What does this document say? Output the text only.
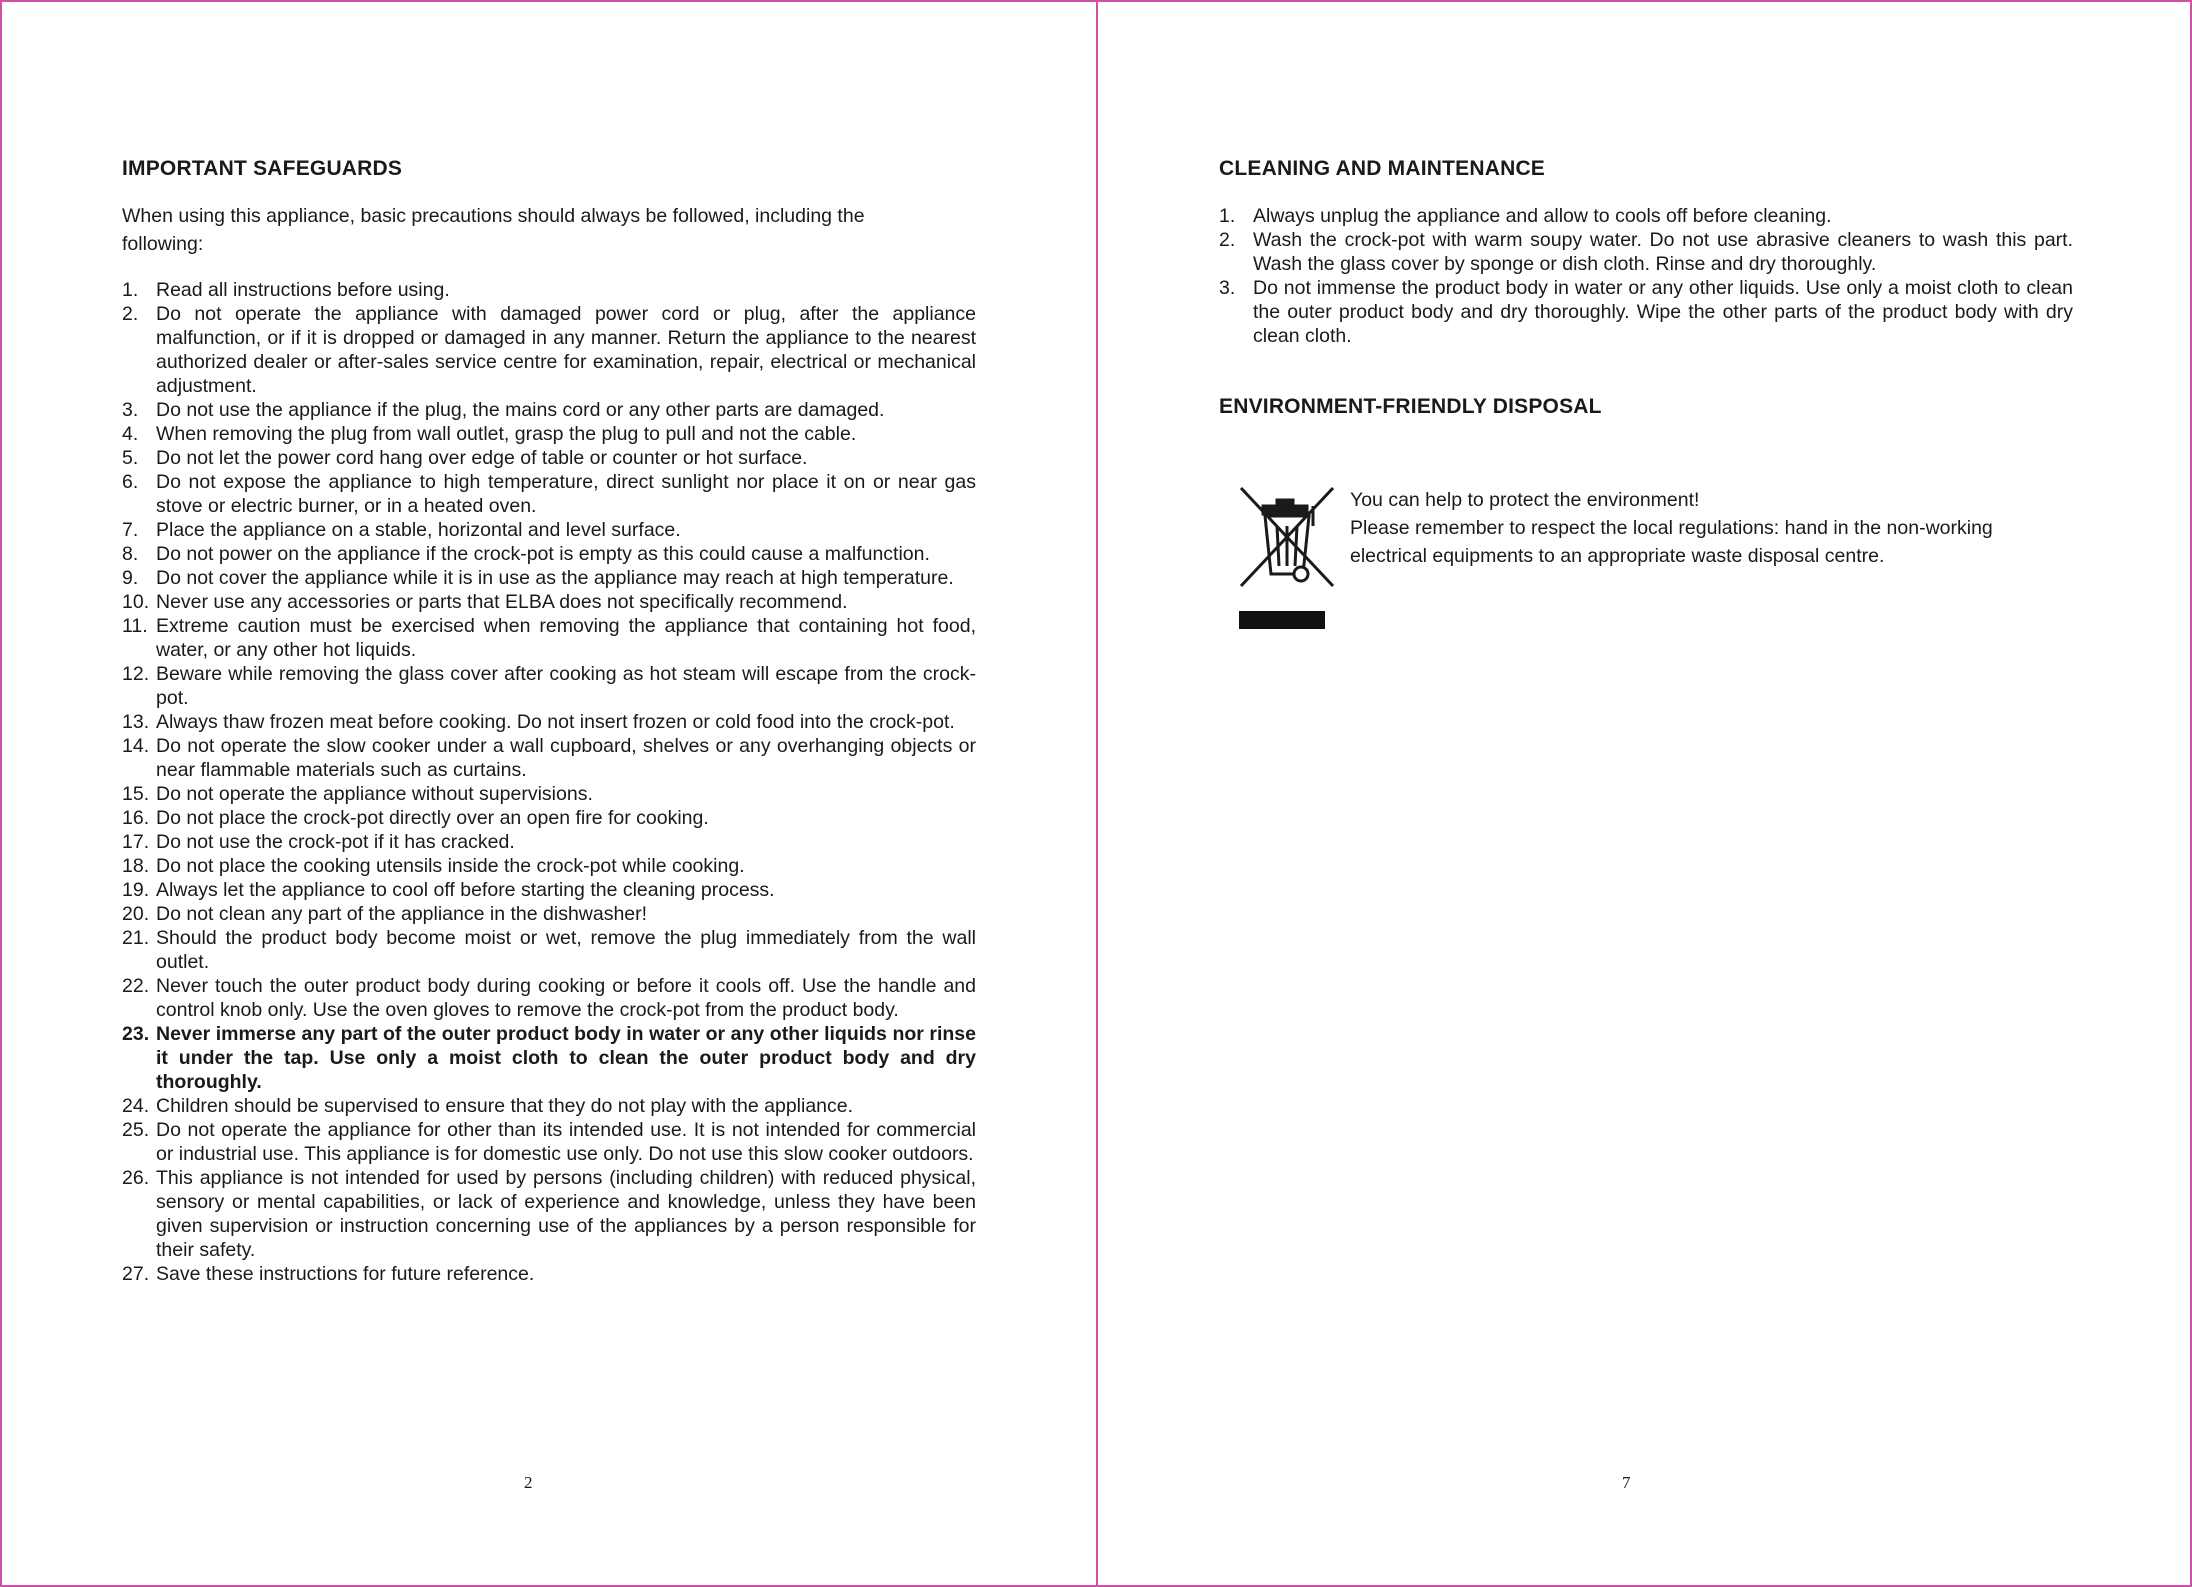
IMPORTANT SAFEGUARDS

When using this appliance, basic precautions should always be followed, including the following:

1. Read all instructions before using.
2. Do not operate the appliance with damaged power cord or plug, after the appliance malfunction, or if it is dropped or damaged in any manner. Return the appliance to the nearest authorized dealer or after-sales service centre for examination, repair, electrical or mechanical adjustment.
3. Do not use the appliance if the plug, the mains cord or any other parts are damaged.
4. When removing the plug from wall outlet, grasp the plug to pull and not the cable.
5. Do not let the power cord hang over edge of table or counter or hot surface.
6. Do not expose the appliance to high temperature, direct sunlight nor place it on or near gas stove or electric burner, or in a heated oven.
7. Place the appliance on a stable, horizontal and level surface.
8. Do not power on the appliance if the crock-pot is empty as this could cause a malfunction.
9. Do not cover the appliance while it is in use as the appliance may reach at high temperature.
10. Never use any accessories or parts that ELBA does not specifically recommend.
11. Extreme caution must be exercised when removing the appliance that containing hot food, water, or any other hot liquids.
12. Beware while removing the glass cover after cooking as hot steam will escape from the crock-pot.
13. Always thaw frozen meat before cooking. Do not insert frozen or cold food into the crock-pot.
14. Do not operate the slow cooker under a wall cupboard, shelves or any overhanging objects or near flammable materials such as curtains.
15. Do not operate the appliance without supervisions.
16. Do not place the crock-pot directly over an open fire for cooking.
17. Do not use the crock-pot if it has cracked.
18. Do not place the cooking utensils inside the crock-pot while cooking.
19. Always let the appliance to cool off before starting the cleaning process.
20. Do not clean any part of the appliance in the dishwasher!
21. Should the product body become moist or wet, remove the plug immediately from the wall outlet.
22. Never touch the outer product body during cooking or before it cools off. Use the handle and control knob only. Use the oven gloves to remove the crock-pot from the product body.
23. Never immerse any part of the outer product body in water or any other liquids nor rinse it under the tap. Use only a moist cloth to clean the outer product body and dry thoroughly.
24. Children should be supervised to ensure that they do not play with the appliance.
25. Do not operate the appliance for other than its intended use. It is not intended for commercial or industrial use. This appliance is for domestic use only. Do not use this slow cooker outdoors.
26. This appliance is not intended for used by persons (including children) with reduced physical, sensory or mental capabilities, or lack of experience and knowledge, unless they have been given supervision or instruction concerning use of the appliances by a person responsible for their safety.
27. Save these instructions for future reference.
2
CLEANING AND MAINTENANCE
1. Always unplug the appliance and allow to cools off before cleaning.
2. Wash the crock-pot with warm soupy water. Do not use abrasive cleaners to wash this part. Wash the glass cover by sponge or dish cloth. Rinse and dry thoroughly.
3. Do not immense the product body in water or any other liquids. Use only a moist cloth to clean the outer product body and dry thoroughly. Wipe the other parts of the product body with dry clean cloth.
ENVIRONMENT-FRIENDLY DISPOSAL
You can help to protect the environment!
Please remember to respect the local regulations: hand in the non-working
electrical equipments to an appropriate waste disposal centre.
7
